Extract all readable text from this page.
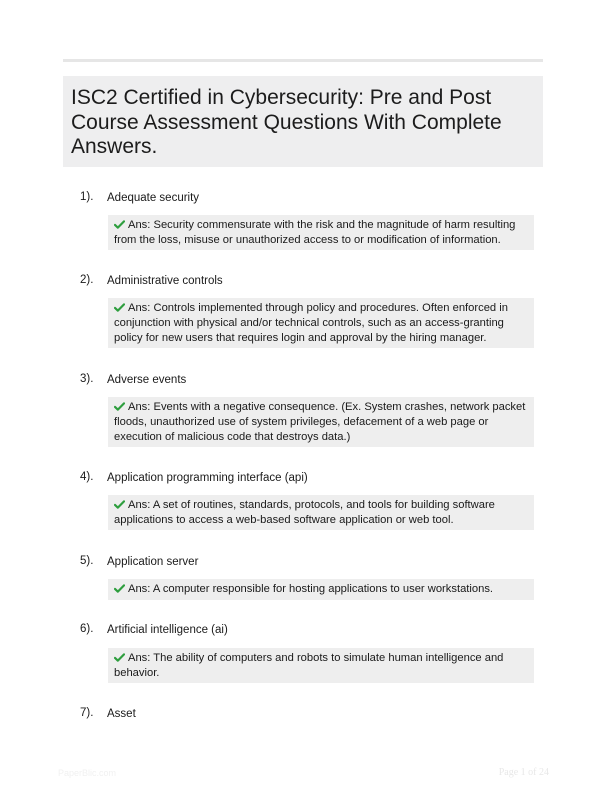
ISC2 Certified in Cybersecurity: Pre and Post Course Assessment Questions With Complete Answers.
1). Adequate security
Ans: Security commensurate with the risk and the magnitude of harm resulting from the loss, misuse or unauthorized access to or modification of information.
2). Administrative controls
Ans: Controls implemented through policy and procedures. Often enforced in conjunction with physical and/or technical controls, such as an access-granting policy for new users that requires login and approval by the hiring manager.
3). Adverse events
Ans: Events with a negative consequence. (Ex. System crashes, network packet floods, unauthorized use of system privileges, defacement of a web page or execution of malicious code that destroys data.)
4). Application programming interface (api)
Ans: A set of routines, standards, protocols, and tools for building software applications to access a web-based software application or web tool.
5). Application server
Ans: A computer responsible for hosting applications to user workstations.
6). Artificial intelligence (ai)
Ans: The ability of computers and robots to simulate human intelligence and behavior.
7). Asset
PaperBlic.com	Page 1 of 24
